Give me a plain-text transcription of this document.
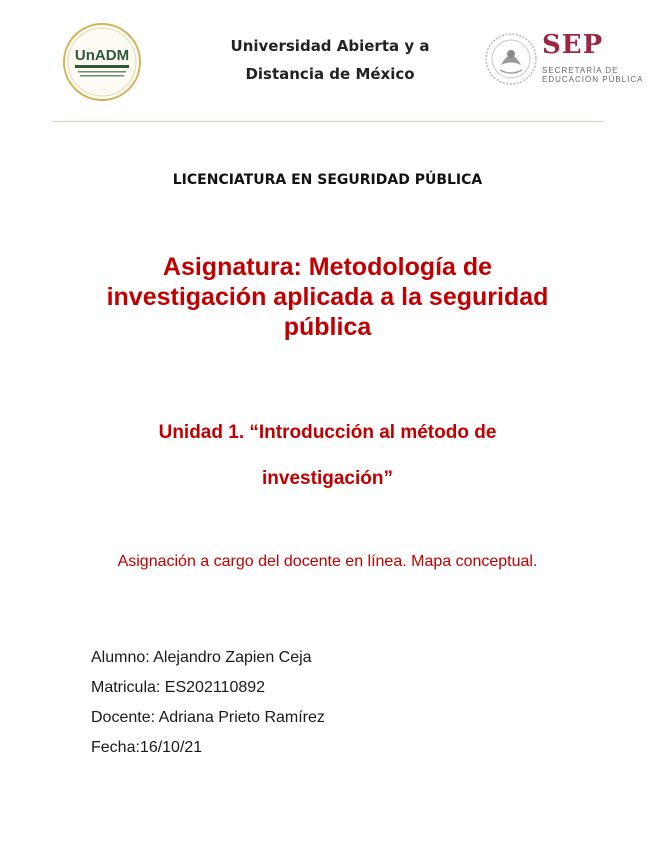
UnADM
Universidad Abierta y a Distancia de México
SEP
SECRETARÍA DE
EDUCACIÓN PÚBLICA
LICENCIATURA EN SEGURIDAD PÚBLICA
Asignatura: Metodología de investigación aplicada a la seguridad pública
Unidad 1. “Introducción al método de
investigación”
Asignación a cargo del docente en línea. Mapa conceptual.
Alumno: Alejandro Zapien Ceja
Matricula: ES202110892
Docente: Adriana Prieto Ramírez
Fecha:16/10/21
